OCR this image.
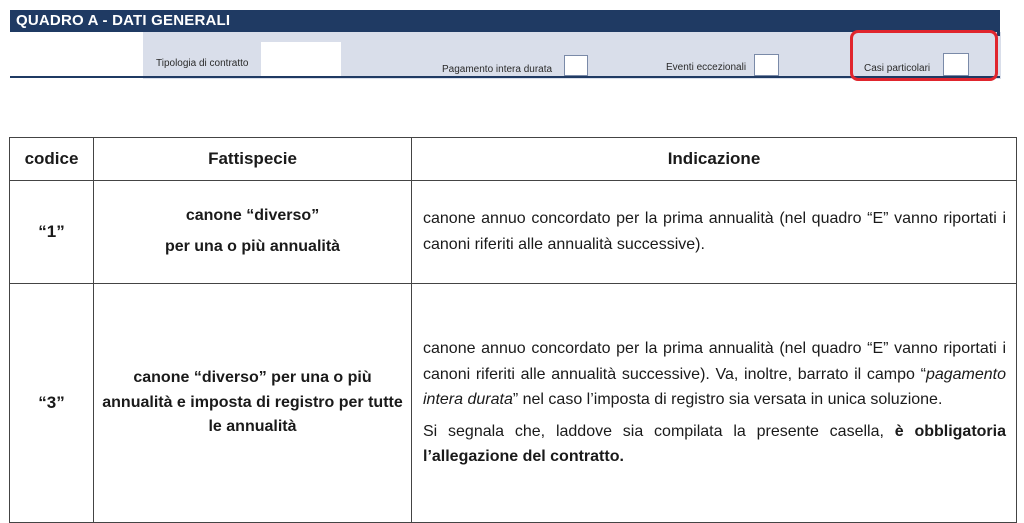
QUADRO A - DATI GENERALI
Tipologia di contratto
Pagamento intera durata	Eventi eccezionali	Casi particolari
codice	Fattispecie	Indicazione
“1”	canone “diverso”

per una o più annualità	canone annuo concordato per la prima annualità (nel quadro “E” vanno riportati i canoni riferiti alle annualità successive).

“3”	canone “diverso” per una o più annualità e imposta di registro per tutte le annualità	canone annuo concordato per la prima annualità (nel quadro “E” vanno riportati i canoni riferiti alle annualità successive). Va, inoltre, barrato il campo “pagamento intera durata” nel caso l’imposta di registro sia versata in unica soluzione.

Si segnala che, laddove sia compilata la presente casella, è obbligatoria l’allegazione del contratto.
